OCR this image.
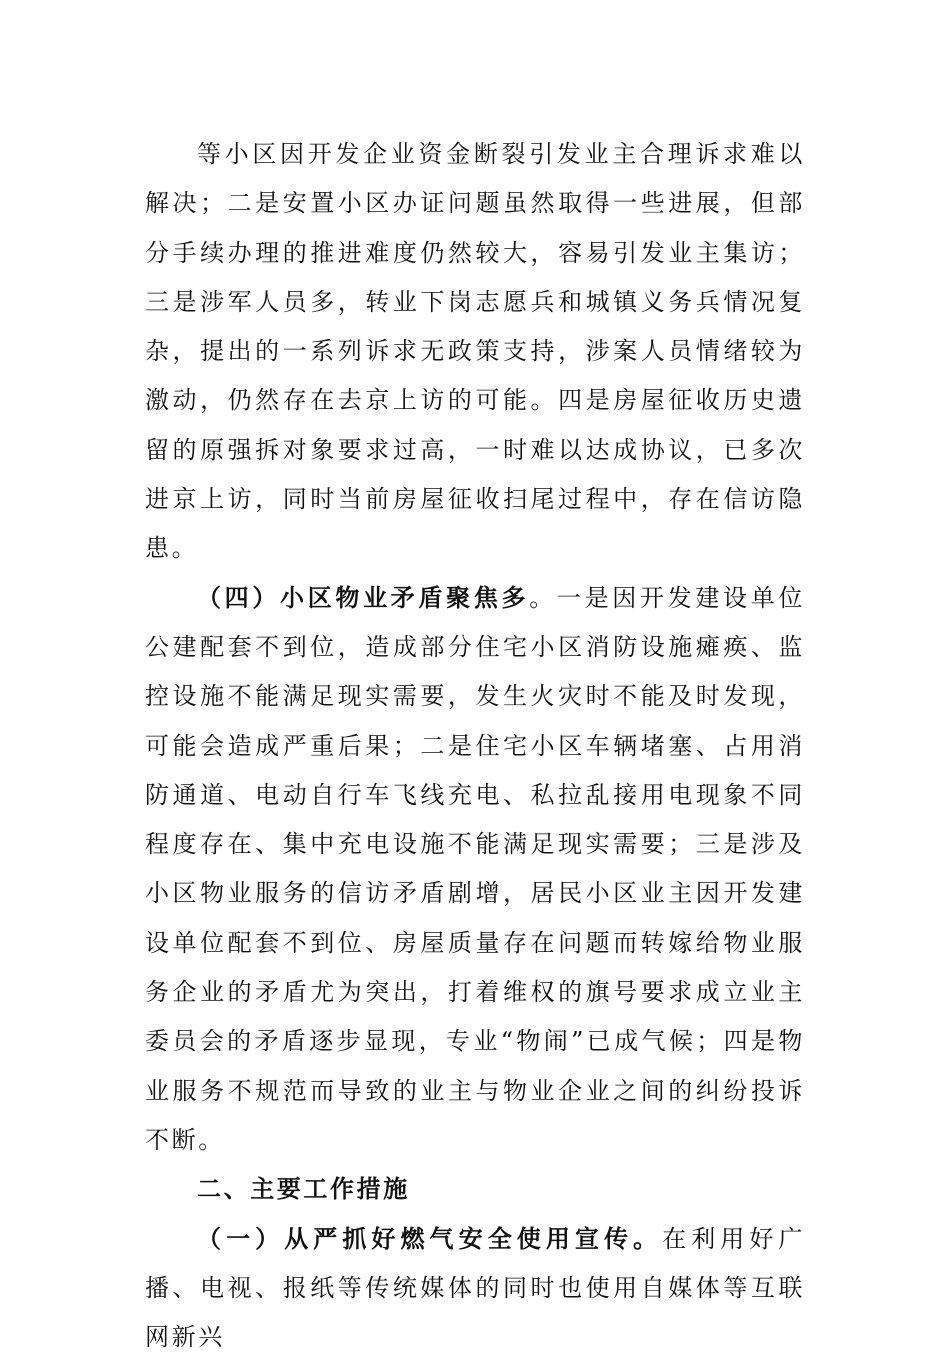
等小区因开发企业资金断裂引发业主合理诉求难以解决；二是安置小区办证问题虽然取得一些进展，但部分手续办理的推进难度仍然较大，容易引发业主集访；三是涉军人员多，转业下岗志愿兵和城镇义务兵情况复杂，提出的一系列诉求无政策支持，涉案人员情绪较为激动，仍然存在去京上访的可能。四是房屋征收历史遗留的原强拆对象要求过高，一时难以达成协议，已多次进京上访，同时当前房屋征收扫尾过程中，存在信访隐患。

（四）小区物业矛盾聚焦多。一是因开发建设单位公建配套不到位，造成部分住宅小区消防设施瘫痪、监控设施不能满足现实需要，发生火灾时不能及时发现，可能会造成严重后果；二是住宅小区车辆堵塞、占用消防通道、电动自行车飞线充电、私拉乱接用电现象不同程度存在、集中充电设施不能满足现实需要；三是涉及小区物业服务的信访矛盾剧增，居民小区业主因开发建设单位配套不到位、房屋质量存在问题而转嫁给物业服务企业的矛盾尤为突出，打着维权的旗号要求成立业主委员会的矛盾逐步显现，专业“物闹”已成气候；四是物业服务不规范而导致的业主与物业企业之间的纠纷投诉不断。

二、主要工作措施

（一）从严抓好燃气安全使用宣传。在利用好广播、电视、报纸等传统媒体的同时也使用自媒体等互联网新兴
